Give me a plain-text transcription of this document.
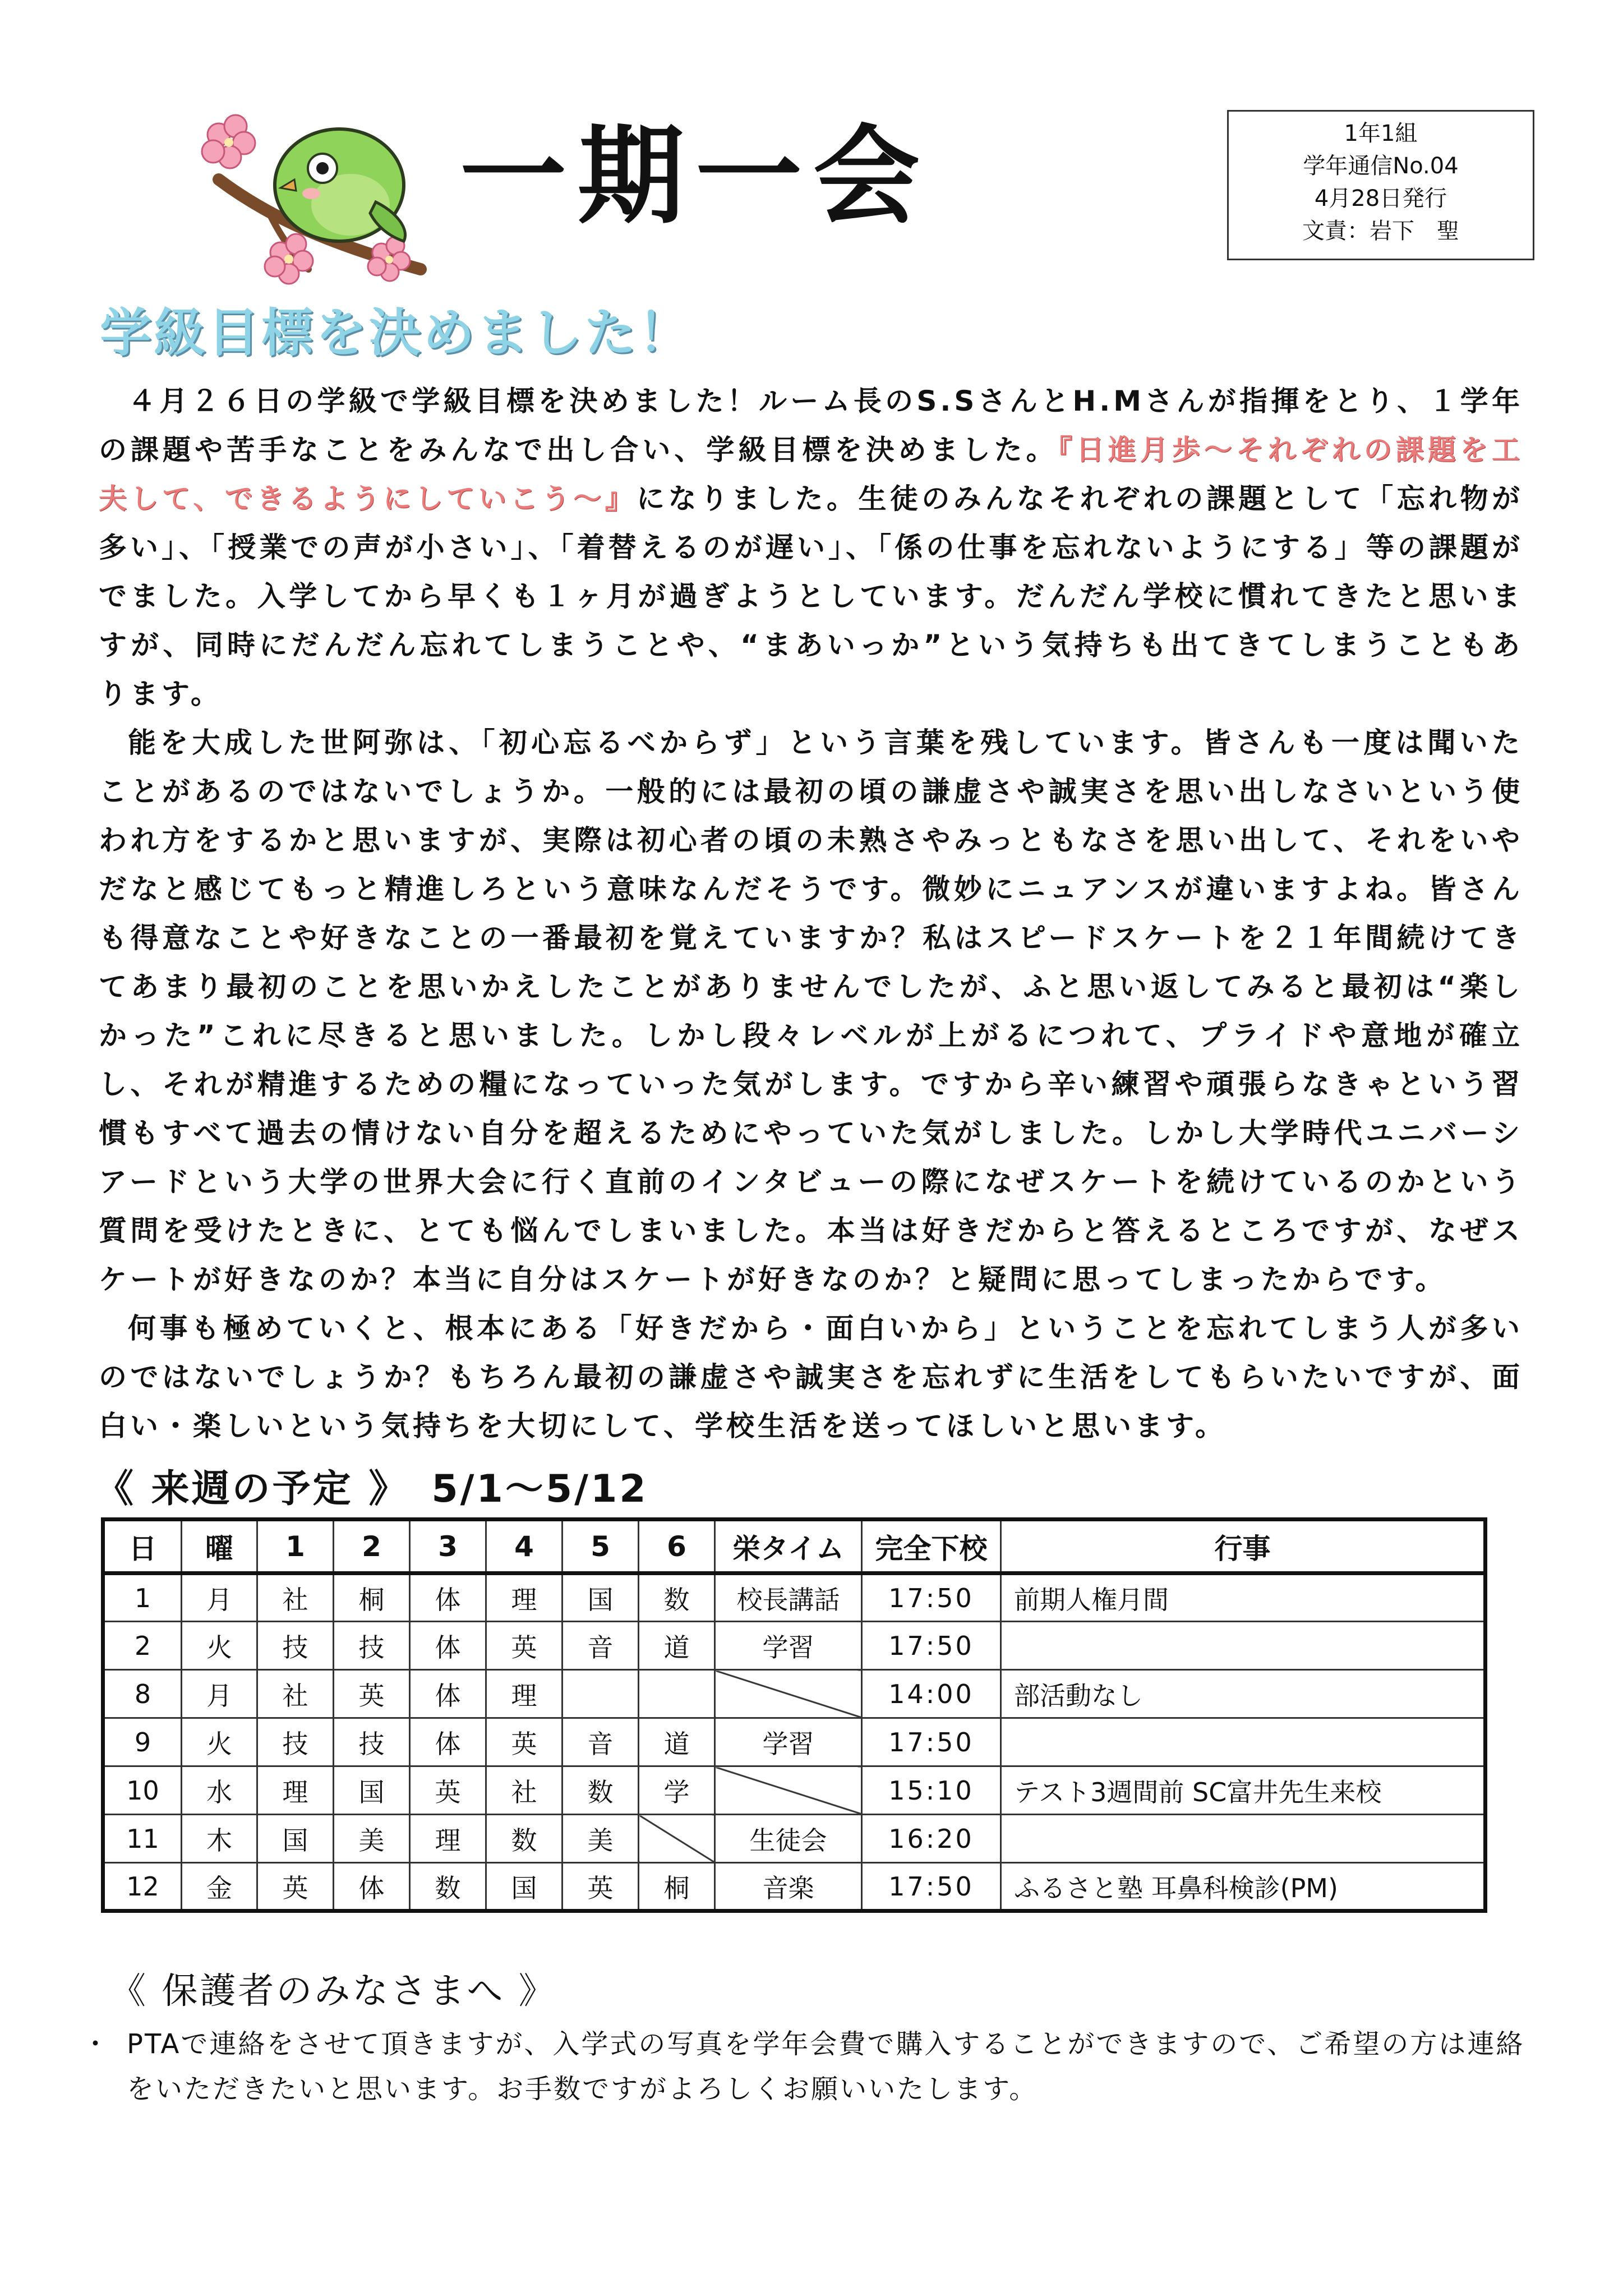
一期一会	1年1組
学年通信No.04
4月28日発行
文責：岩下　聖
学級目標を決めました！

４月２６日の学級で学級目標を決めました！ルーム長のS.SさんとH.Mさんが指揮をとり、１学年の課題や苦手なことをみんなで出し合い、学級目標を決めました。『日進月歩～それぞれの課題を工夫して、できるようにしていこう～』になりました。生徒のみんなそれぞれの課題として「忘れ物が多い」、「授業での声が小さい」、「着替えるのが遅い」、「係の仕事を忘れないようにする」等の課題がでました。入学してから早くも１ヶ月が過ぎようとしています。だんだん学校に慣れてきたと思いますが、同時にだんだん忘れてしまうことや、“まあいっか”という気持ちも出てきてしまうこともあります。

能を大成した世阿弥は、「初心忘るべからず」という言葉を残しています。皆さんも一度は聞いたことがあるのではないでしょうか。一般的には最初の頃の謙虚さや誠実さを思い出しなさいという使われ方をするかと思いますが、実際は初心者の頃の未熟さやみっともなさを思い出して、それをいやだなと感じてもっと精進しろという意味なんだそうです。微妙にニュアンスが違いますよね。皆さんも得意なことや好きなことの一番最初を覚えていますか？私はスピードスケートを２１年間続けてきてあまり最初のことを思いかえしたことがありませんでしたが、ふと思い返してみると最初は“楽しかった”これに尽きると思いました。しかし段々レベルが上がるにつれて、プライドや意地が確立し、それが精進するための糧になっていった気がします。ですから辛い練習や頑張らなきゃという習慣もすべて過去の情けない自分を超えるためにやっていた気がしました。しかし大学時代ユニバーシアードという大学の世界大会に行く直前のインタビューの際になぜスケートを続けているのかという質問を受けたときに、とても悩んでしまいました。本当は好きだからと答えるところですが、なぜスケートが好きなのか？本当に自分はスケートが好きなのか？と疑問に思ってしまったからです。

何事も極めていくと、根本にある「好きだから・面白いから」ということを忘れてしまう人が多いのではないでしょうか？もちろん最初の謙虚さや誠実さを忘れずに生活をしてもらいたいですが、面白い・楽しいという気持ちを大切にして、学校生活を送ってほしいと思います。

《 来週の予定 》 5/1～5/12
日	曜	1	2	3	4	5	6	栄タイム	完全下校	行事
1	月	社	桐	体	理	国	数	校長講話	17:50	前期人権月間
2	火	技	技	体	英	音	道	学習	17:50	
8	月	社	英	体	理				14:00	部活動なし
9	火	技	技	体	英	音	道	学習	17:50	
10	水	理	国	英	社	数	学		15:10	テスト3週間前 SC富井先生来校
11	木	国	美	理	数	美		生徒会	16:20	
12	金	英	体	数	国	英	桐	音楽	17:50	ふるさと塾 耳鼻科検診(PM)
《 保護者のみなさまへ 》
・ PTAで連絡をさせて頂きますが、入学式の写真を学年会費で購入することができますので、ご希望の方は連絡をいただきたいと思います。お手数ですがよろしくお願いいたします。
